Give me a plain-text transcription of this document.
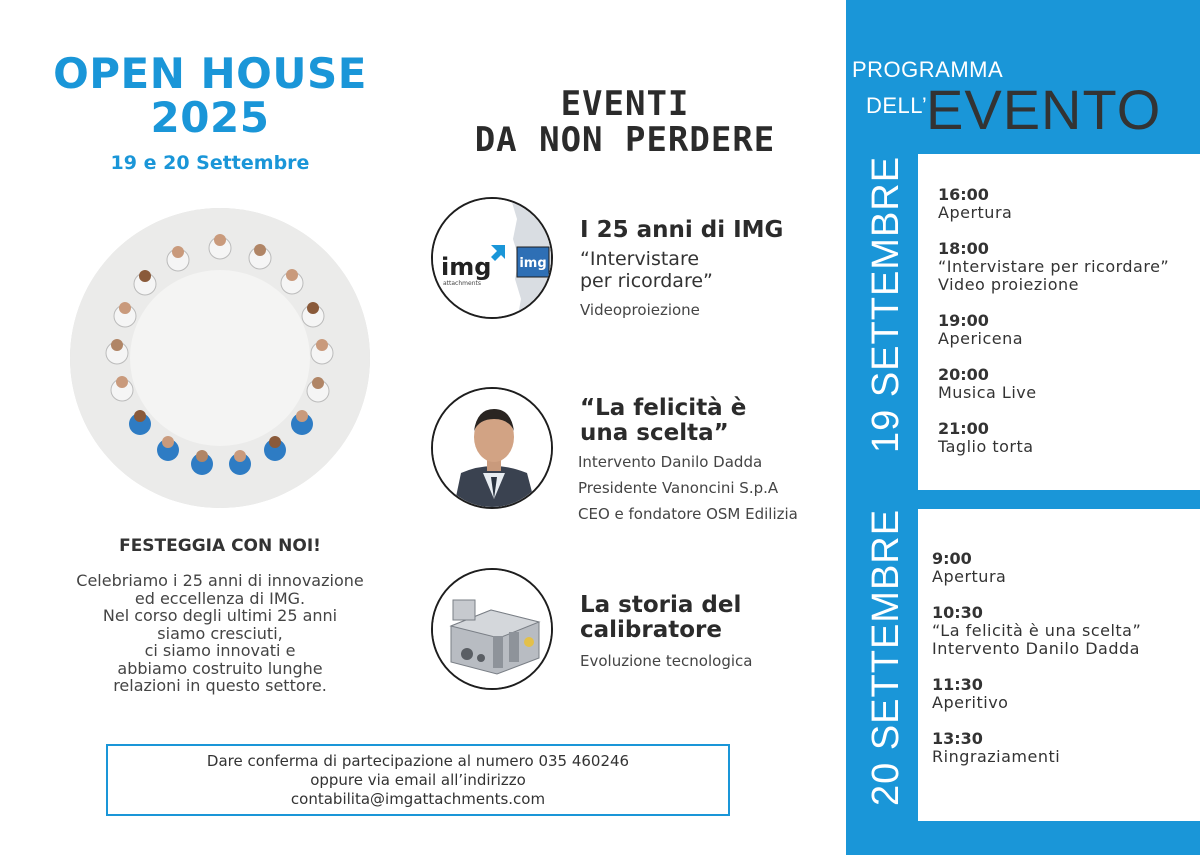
OPEN HOUSE
2025
19 e 20 Settembre
FESTEGGIA CON NOI!
Celebriamo i 25 anni di innovazione
ed eccellenza di IMG.
Nel corso degli ultimi 25 anni
siamo cresciuti,
ci siamo innovati e
abbiamo costruito lunghe
relazioni in questo settore.
Dare conferma di partecipazione al numero 035 460246
oppure via email all’indirizzo
contabilita@imgattachments.com
EVENTI
DA NON PERDERE
img
img
attachments
I 25 anni di IMG
“Intervistare
per ricordare”
Videoproiezione
“La felicità è
una scelta”
Intervento Danilo Dadda
Presidente Vanoncini S.p.A
CEO e fondatore OSM Edilizia
La storia del
calibratore
Evoluzione tecnologica
PROGRAMMA
DELL’
EVENTO
19 SETTEMBRE 16:00
Apertura
18:00
“Intervistare per ricordare”
Video proiezione
19:00
Apericena
20:00
Musica Live
21:00
Taglio torta
20 SETTEMBRE 9:00
Apertura
10:30
“La felicità è una scelta”
Intervento Danilo Dadda
11:30
Aperitivo
13:30
Ringraziamenti
